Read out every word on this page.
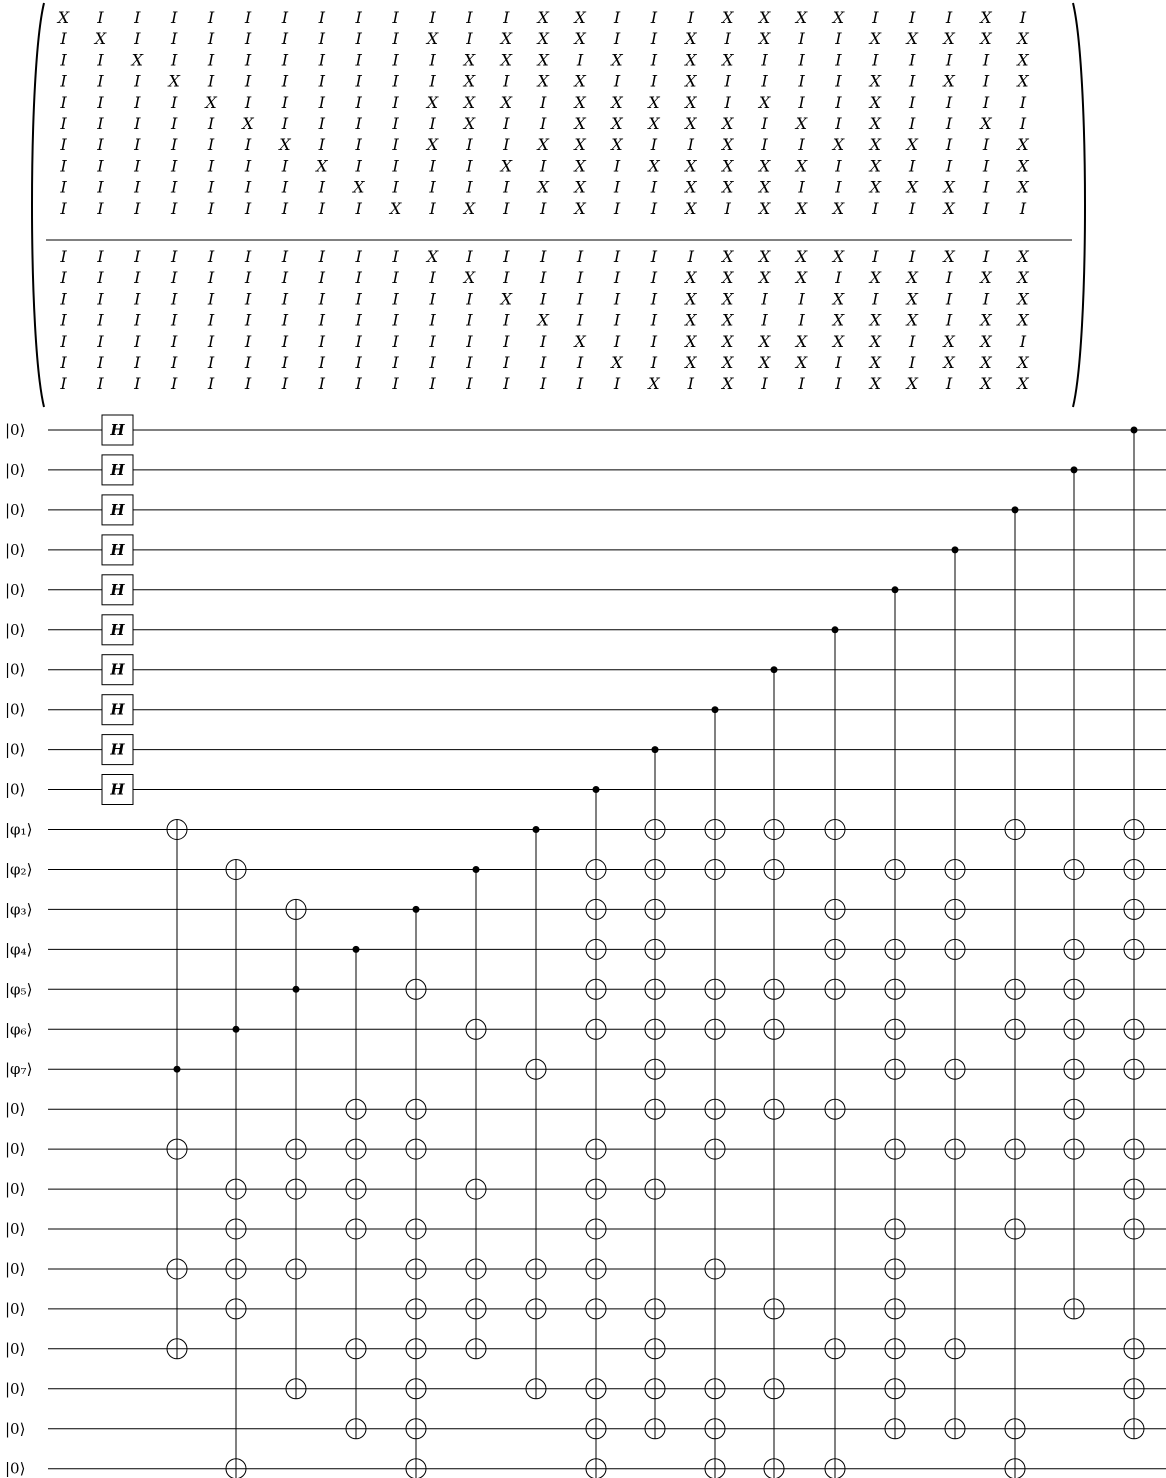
X I I I I I I I I I I I I X X I I I X X X X I I I X I
I X I I I I I I I I X I X X X I I X I X I I X X X X X
I I X I I I I I I I I X X X I X I X X I I I I I I I X
I I I X I I I I I I I X I X X I I X I I I I X I X I X
I I I I X I I I I I X X X I X X X X I X I I X I I I I
I I I I I X I I I I I X I I X X X X X I X I X I I X I
I I I I I I X I I I X I I X X X I I X I I X X X I I X
I I I I I I I X I I I I X I X I X X X X X I X I I I X
I I I I I I I I X I I I I X X I I X X X I I X X X I X
I I I I I I I I I X I X I I X I I X I X X X I I X I I
I I I I I I I I I I X I I I I I I I X X X X I I X I X
I I I I I I I I I I I X I I I I I X X X X I X X I X X
I I I I I I I I I I I I X I I I I X X I I X I X I I X
I I I I I I I I I I I I I X I I I X X I I X X X I X X
I I I I I I I I I I I I I I X I I X X X X X X I X X I
I I I I I I I I I I I I I I I X I X X X X I X I X X X
I I I I I I I I I I I I I I I I X I X I I I X X I X X
|0⟩
|0⟩
|0⟩
|0⟩
|0⟩
|0⟩
|0⟩
|0⟩
|0⟩
|0⟩
|φ₁⟩
|φ₂⟩
|φ₃⟩
|φ₄⟩
|φ₅⟩
|φ₆⟩
|φ₇⟩
|0⟩
|0⟩
|0⟩
|0⟩
|0⟩
|0⟩
|0⟩
|0⟩
|0⟩
|0⟩
H
H
H
H
H
H
H
H
H
H
